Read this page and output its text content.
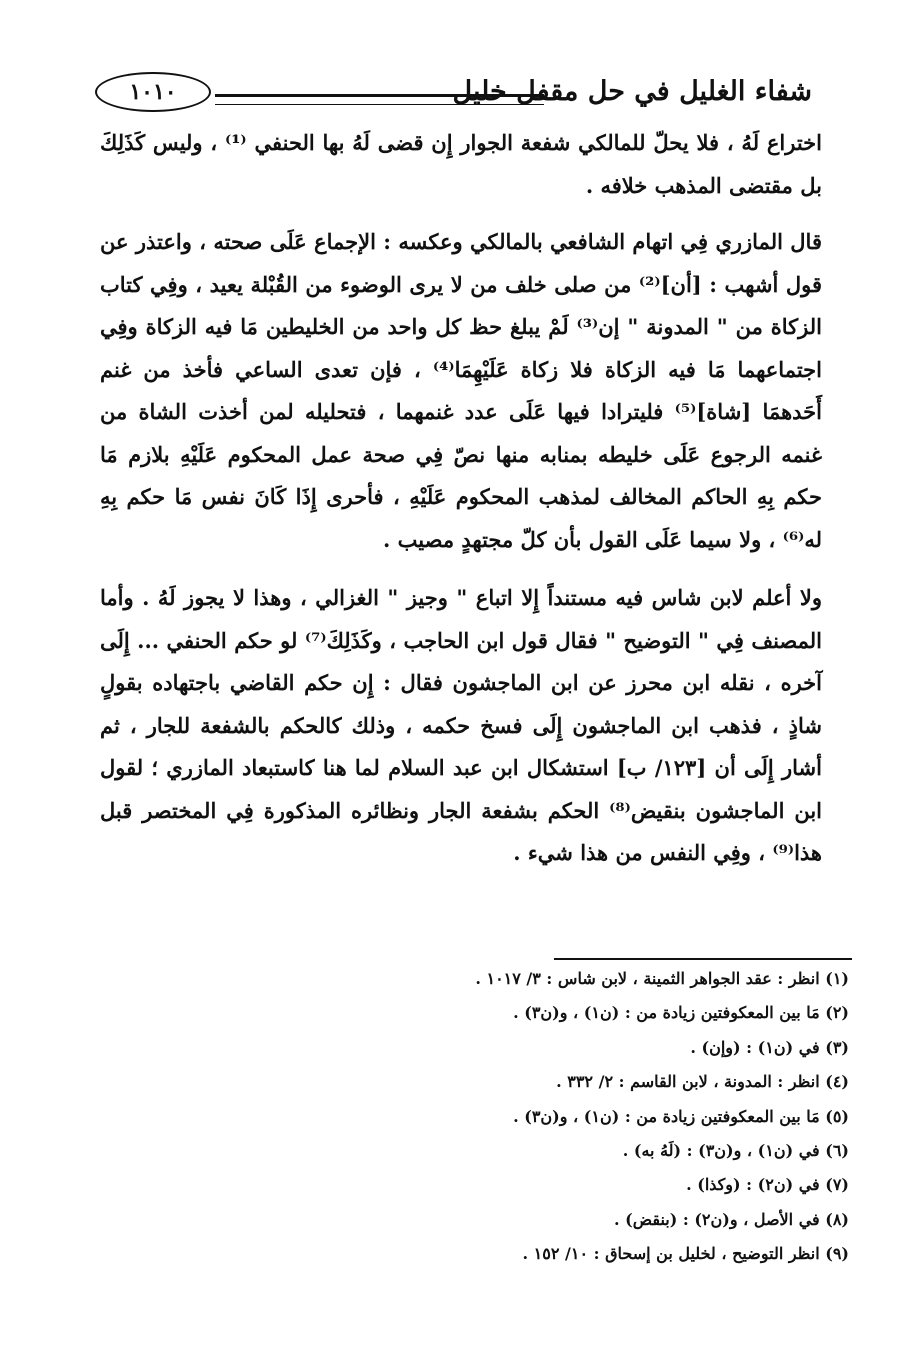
شفاء الغليل في حل مقفل خليل
١٠١٠

اختراع لَهُ ، فلا يحلّ للمالكي شفعة الجوار إِن قضى لَهُ بها الحنفي ⁽¹⁾ ، وليس كَذَلِكَ بل مقتضى المذهب خلافه .

قال المازري فِي اتهام الشافعي بالمالكي وعكسه : الإجماع عَلَى صحته ، واعتذر عن قول أشهب : [أن]⁽²⁾ من صلى خلف من لا يرى الوضوء من القُبْلة يعيد ، وفِي كتاب الزكاة من " المدونة " إن⁽³⁾ لَمْ يبلغ حظ كل واحد من الخليطين مَا فيه الزكاة وفِي اجتماعهما مَا فيه الزكاة فلا زكاة عَلَيْهِمَا⁽⁴⁾ ، فإن تعدى الساعي فأخذ من غنم أَحَدهمَا [شاة]⁽⁵⁾ فليترادا فيها عَلَى عدد غنمهما ، فتحليله لمن أخذت الشاة من غنمه الرجوع عَلَى خليطه بمنابه منها نصّ فِي صحة عمل المحكوم عَلَيْهِ بلازم مَا حكم بِهِ الحاكم المخالف لمذهب المحكوم عَلَيْهِ ، فأحرى إِذَا كَانَ نفس مَا حكم بِهِ له⁽⁶⁾ ، ولا سيما عَلَى القول بأن كلّ مجتهدٍ مصيب .

ولا أعلم لابن شاس فيه مستنداً إِلا اتباع " وجيز " الغزالي ، وهذا لا يجوز لَهُ . وأما المصنف فِي " التوضيح " فقال قول ابن الحاجب ، وكَذَلِكَ⁽⁷⁾ لو حكم الحنفي ... إِلَى آخره ، نقله ابن محرز عن ابن الماجشون فقال : إِن حكم القاضي باجتهاده بقولٍ شاذٍ ، فذهب ابن الماجشون إِلَى فسخ حكمه ، وذلك كالحكم بالشفعة للجار ، ثم أشار إِلَى أن [١٢٣/ ب] استشكال ابن عبد السلام لما هنا كاستبعاد المازري ؛ لقول ابن الماجشون بنقيض⁽⁸⁾ الحكم بشفعة الجار ونظائره المذكورة فِي المختصر قبل هذا⁽⁹⁾ ، وفِي النفس من هذا شيء .

(١) انظر : عقد الجواهر الثمينة ، لابن شاس : ٣/ ١٠١٧ .
(٢) مَا بين المعكوفتين زيادة من : (ن١) ، و(ن٣) .
(٣) في (ن١) : (وإن) .
(٤) انظر : المدونة ، لابن القاسم : ٢/ ٣٣٢ .
(٥) مَا بين المعكوفتين زيادة من : (ن١) ، و(ن٣) .
(٦) في (ن١) ، و(ن٣) : (لَهُ به) .
(٧) في (ن٢) : (وكذا) .
(٨) في الأصل ، و(ن٢) : (بنقض) .
(٩) انظر التوضيح ، لخليل بن إسحاق : ١٠/ ١٥٢ .
